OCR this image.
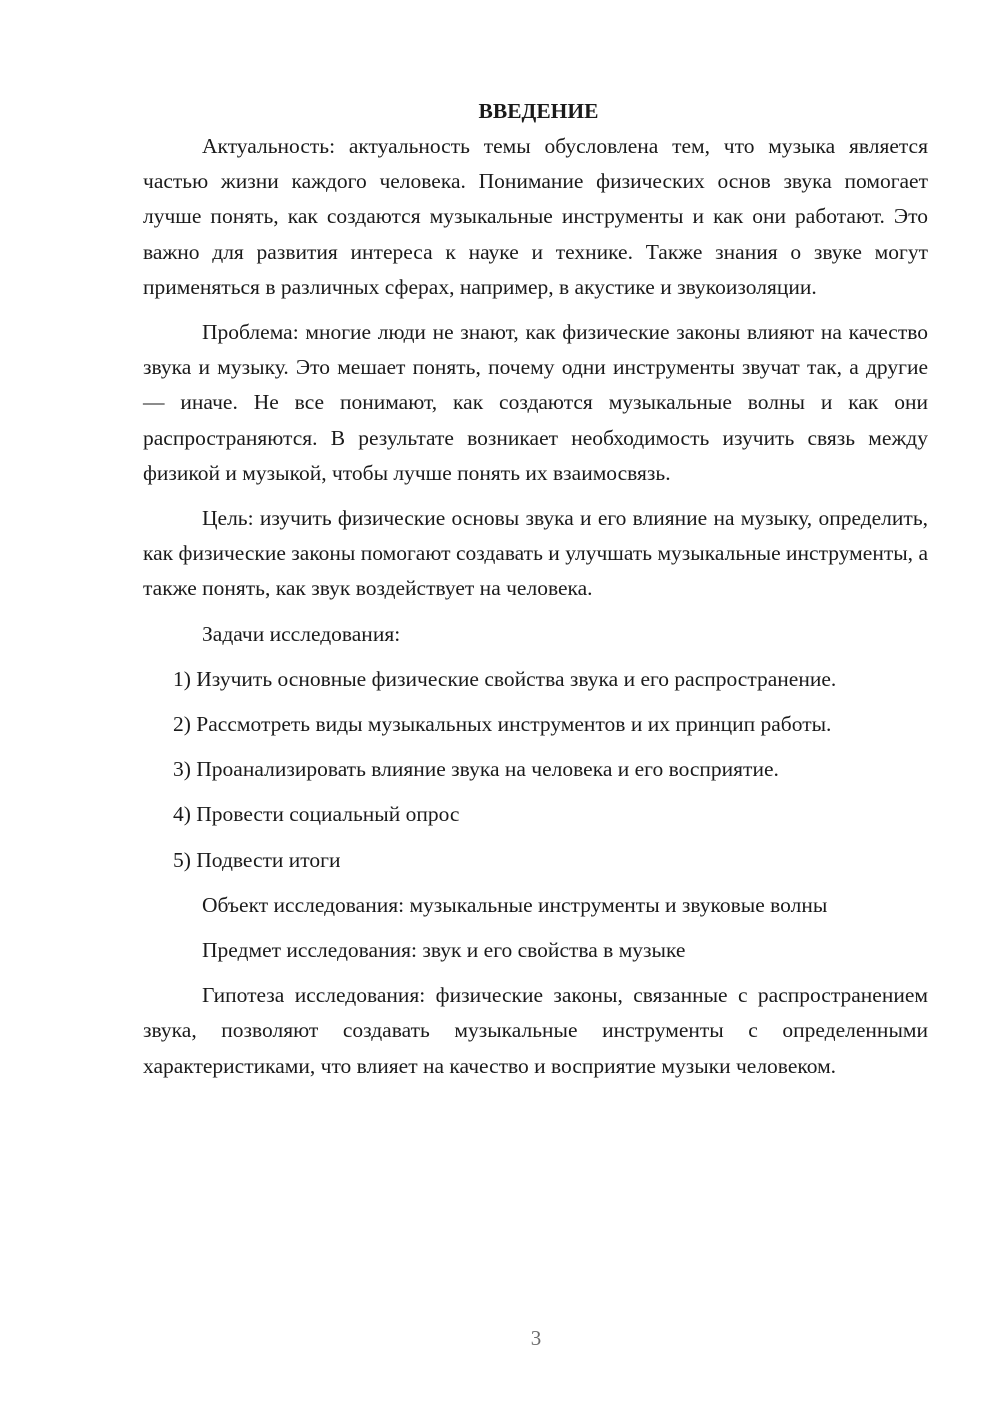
ВВЕДЕНИЕ

Актуальность: актуальность темы обусловлена тем, что музыка является частью жизни каждого человека. Понимание физических основ звука помогает лучше понять, как создаются музыкальные инструменты и как они работают. Это важно для развития интереса к науке и технике. Также знания о звуке могут применяться в различных сферах, например, в акустике и звукоизоляции.

Проблема: многие люди не знают, как физические законы влияют на качество звука и музыку. Это мешает понять, почему одни инструменты звучат так, а другие — иначе. Не все понимают, как создаются музыкальные волны и как они распространяются. В результате возникает необходимость изучить связь между физикой и музыкой, чтобы лучше понять их взаимосвязь.

Цель: изучить физические основы звука и его влияние на музыку, определить, как физические законы помогают создавать и улучшать музыкальные инструменты, а также понять, как звук воздействует на человека.

Задачи исследования:

1) Изучить основные физические свойства звука и его распространение.

2) Рассмотреть виды музыкальных инструментов и их принцип работы.

3) Проанализировать влияние звука на человека и его восприятие.

4) Провести социальный опрос

5) Подвести итоги

Объект исследования: музыкальные инструменты и звуковые волны

Предмет исследования: звук и его свойства в музыке

Гипотеза исследования: физические законы, связанные с распространением звука, позволяют создавать музыкальные инструменты с определенными характеристиками, что влияет на качество и восприятие музыки человеком.

3
